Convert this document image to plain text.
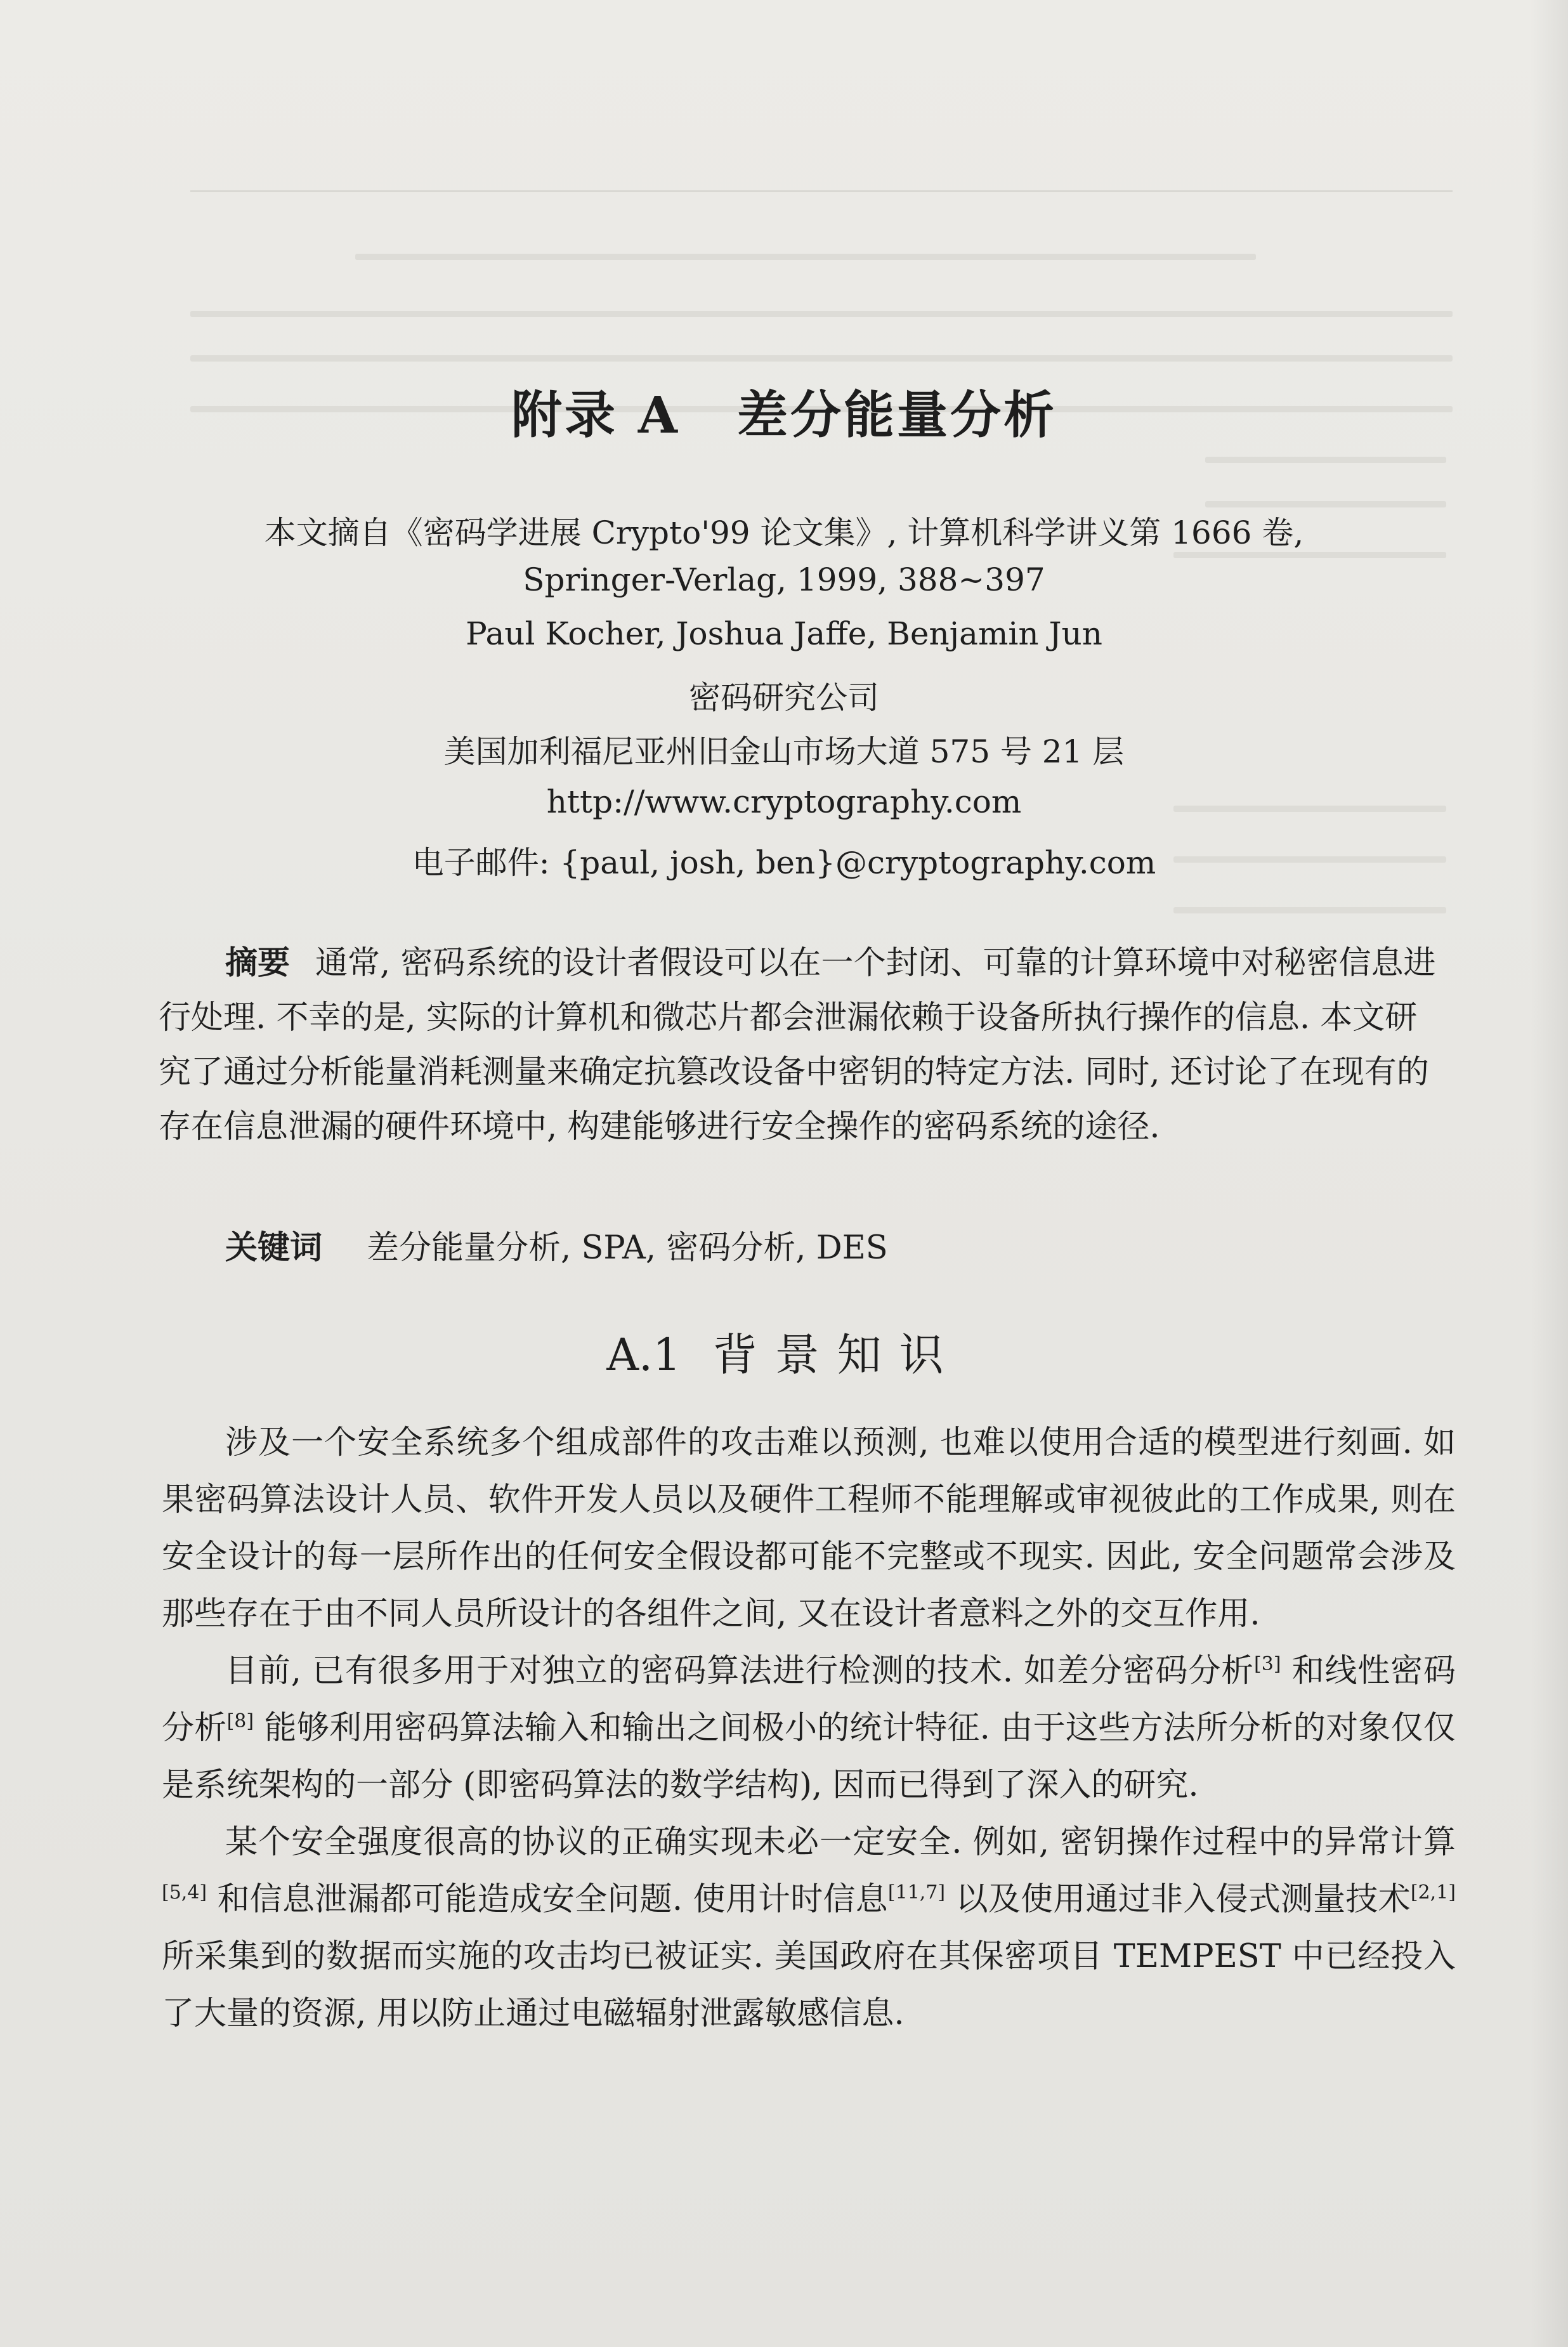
附录 A 差分能量分析
本文摘自《密码学进展 Crypto'99 论文集》, 计算机科学讲义第 1666 卷,
Springer-Verlag, 1999, 388~397
Paul Kocher, Joshua Jaffe, Benjamin Jun
密码研究公司
美国加利福尼亚州旧金山市场大道 575 号 21 层
http://www.cryptography.com
电子邮件: {paul, josh, ben}@cryptography.com
摘要 通常, 密码系统的设计者假设可以在一个封闭、可靠的计算环境中对秘密信息进行处理. 不幸的是, 实际的计算机和微芯片都会泄漏依赖于设备所执行操作的信息. 本文研究了通过分析能量消耗测量来确定抗篡改设备中密钥的特定方法. 同时, 还讨论了在现有的存在信息泄漏的硬件环境中, 构建能够进行安全操作的密码系统的途径.
关键词 差分能量分析, SPA, 密码分析, DES
A.1 背景知识

涉及一个安全系统多个组成部件的攻击难以预测, 也难以使用合适的模型进行刻画. 如果密码算法设计人员、软件开发人员以及硬件工程师不能理解或审视彼此的工作成果, 则在安全设计的每一层所作出的任何安全假设都可能不完整或不现实. 因此, 安全问题常会涉及那些存在于由不同人员所设计的各组件之间, 又在设计者意料之外的交互作用.

目前, 已有很多用于对独立的密码算法进行检测的技术. 如差分密码分析[3] 和线性密码分析[8] 能够利用密码算法输入和输出之间极小的统计特征. 由于这些方法所分析的对象仅仅是系统架构的一部分 (即密码算法的数学结构), 因而已得到了深入的研究.

某个安全强度很高的协议的正确实现未必一定安全. 例如, 密钥操作过程中的异常计算[5,4] 和信息泄漏都可能造成安全问题. 使用计时信息[11,7] 以及使用通过非入侵式测量技术[2,1] 所采集到的数据而实施的攻击均已被证实. 美国政府在其保密项目 TEMPEST 中已经投入了大量的资源, 用以防止通过电磁辐射泄露敏感信息.
